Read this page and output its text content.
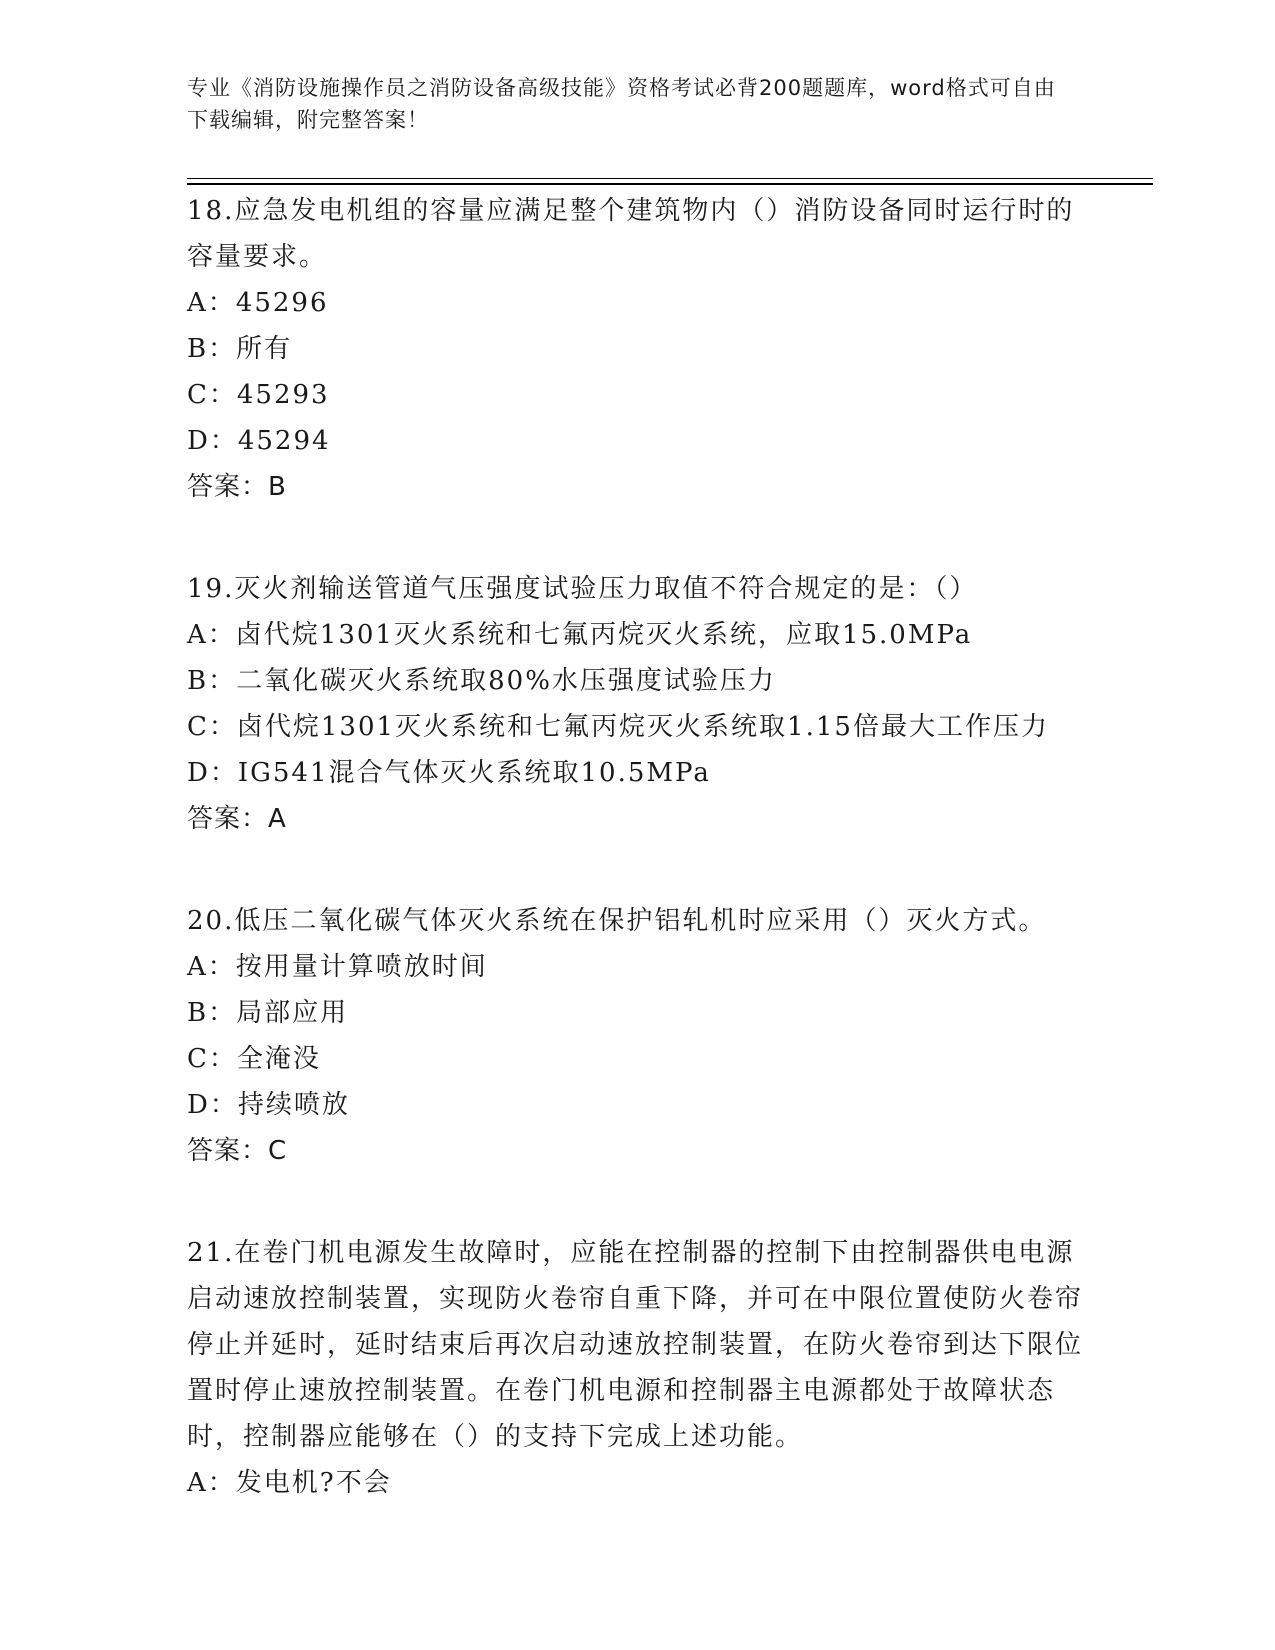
专业《消防设施操作员之消防设备高级技能》资格考试必背200题题库，word格式可自由下载编辑，附完整答案！
18.应急发电机组的容量应满足整个建筑物内（）消防设备同时运行时的容量要求。
A：45296
B：所有
C：45293
D：45294
答案：B
19.灭火剂输送管道气压强度试验压力取值不符合规定的是：（）
A：卤代烷1301灭火系统和七氟丙烷灭火系统，应取15.0MPa
B：二氧化碳灭火系统取80%水压强度试验压力
C：卤代烷1301灭火系统和七氟丙烷灭火系统取1.15倍最大工作压力
D：IG541混合气体灭火系统取10.5MPa
答案：A
20.低压二氧化碳气体灭火系统在保护铝轧机时应采用（）灭火方式。
A：按用量计算喷放时间
B：局部应用
C：全淹没
D：持续喷放
答案：C
21.在卷门机电源发生故障时，应能在控制器的控制下由控制器供电电源启动速放控制装置，实现防火卷帘自重下降，并可在中限位置使防火卷帘停止并延时，延时结束后再次启动速放控制装置，在防火卷帘到达下限位置时停止速放控制装置。在卷门机电源和控制器主电源都处于故障状态时，控制器应能够在（）的支持下完成上述功能。
A：发电机?不会
